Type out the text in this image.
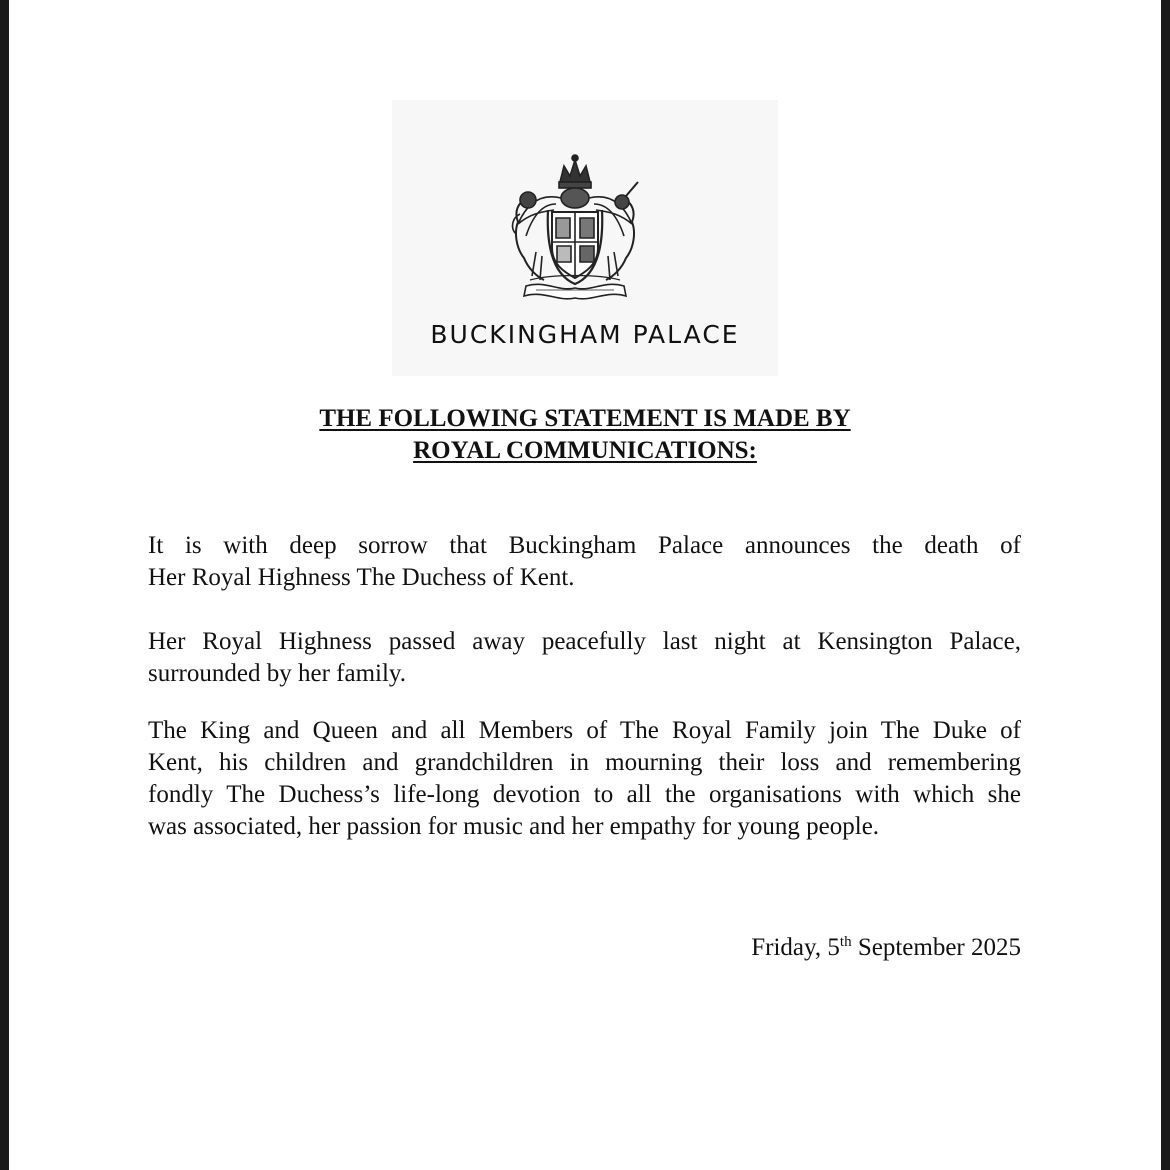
BUCKINGHAM PALACE
THE FOLLOWING STATEMENT IS MADE BY
ROYAL COMMUNICATIONS:
It is with deep sorrow that Buckingham Palace announces the death of
Her Royal Highness The Duchess of Kent.
Her Royal Highness passed away peacefully last night at Kensington Palace,
surrounded by her family.
The King and Queen and all Members of The Royal Family join The Duke of
Kent, his children and grandchildren in mourning their loss and remembering
fondly The Duchess’s life-long devotion to all the organisations with which she
was associated, her passion for music and her empathy for young people.
Friday, 5th September 2025
